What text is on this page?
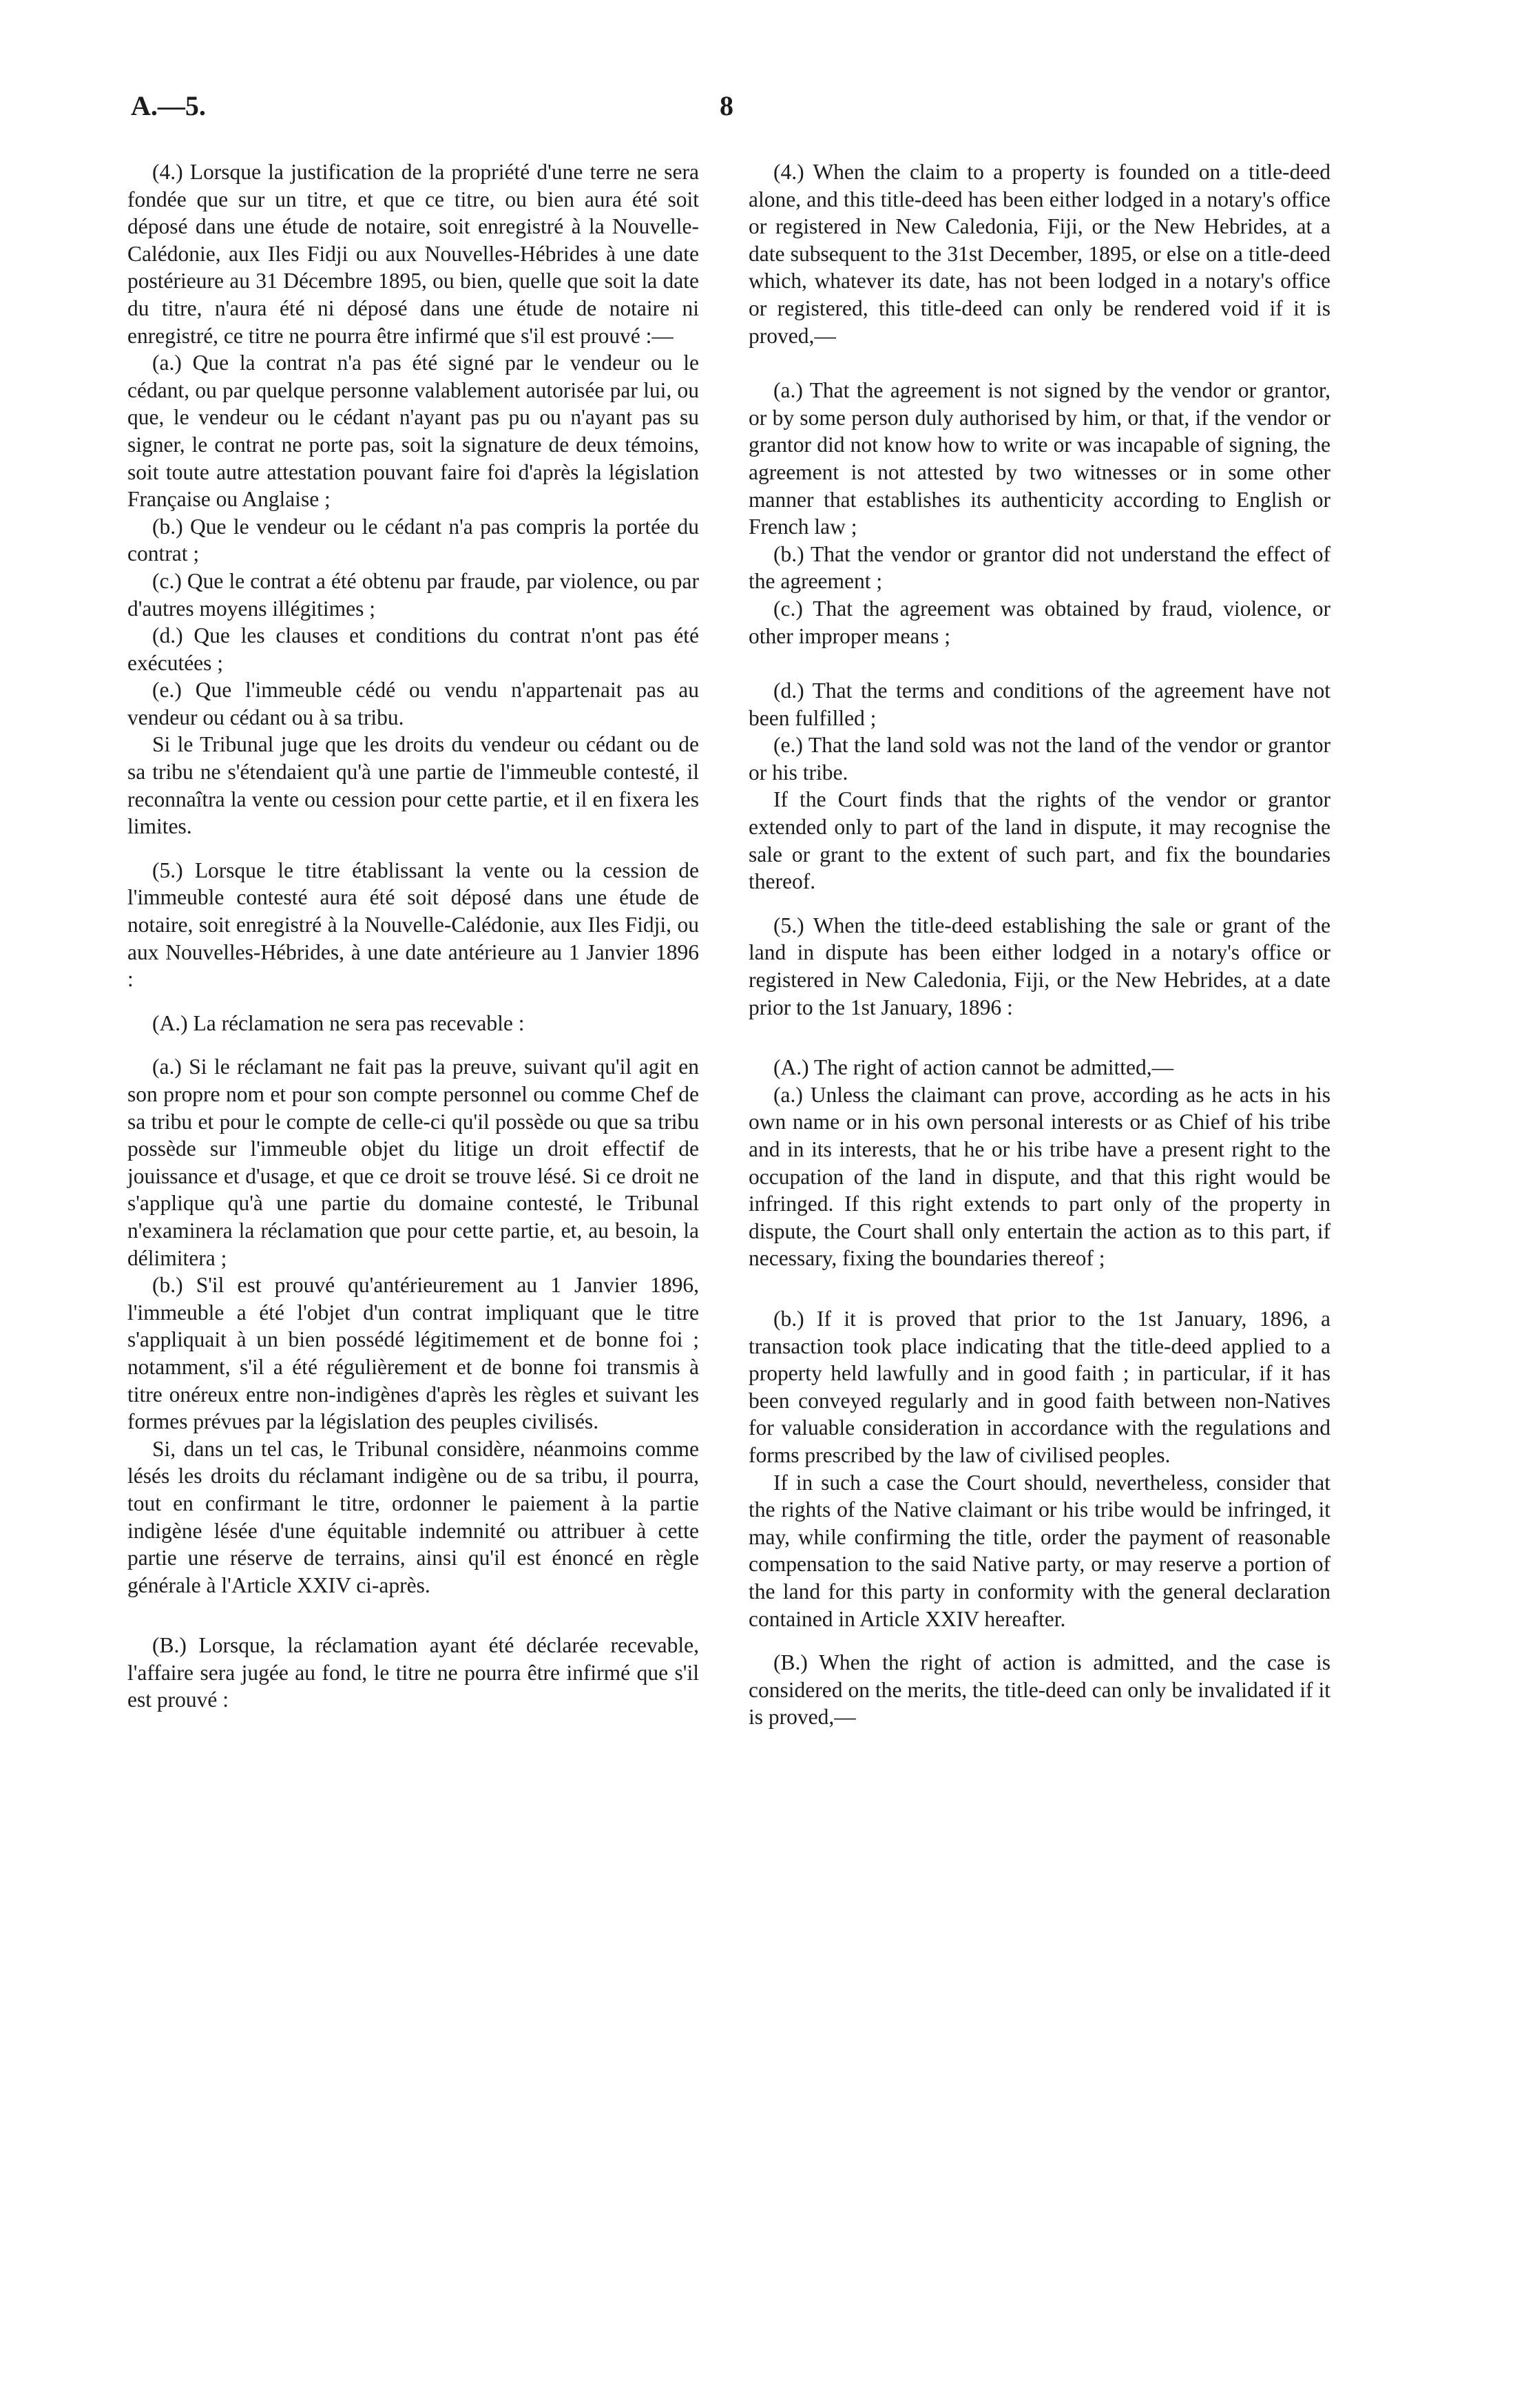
A.—5.	8

(4.) Lorsque la justification de la propriété d'une terre ne sera fondée que sur un titre, et que ce titre, ou bien aura été soit déposé dans une étude de notaire, soit enregistré à la Nouvelle-Calédonie, aux Iles Fidji ou aux Nouvelles-Hébrides à une date postérieure au 31 Décembre 1895, ou bien, quelle que soit la date du titre, n'aura été ni déposé dans une étude de notaire ni enregistré, ce titre ne pourra être infirmé que s'il est prouvé :—

(a.) Que la contrat n'a pas été signé par le vendeur ou le cédant, ou par quelque personne valablement autorisée par lui, ou que, le vendeur ou le cédant n'ayant pas pu ou n'ayant pas su signer, le contrat ne porte pas, soit la signature de deux témoins, soit toute autre attestation pouvant faire foi d'après la législation Française ou Anglaise ;

(b.) Que le vendeur ou le cédant n'a pas compris la portée du contrat ;

(c.) Que le contrat a été obtenu par fraude, par violence, ou par d'autres moyens illégitimes ;

(d.) Que les clauses et conditions du contrat n'ont pas été exécutées ;

(e.) Que l'immeuble cédé ou vendu n'appartenait pas au vendeur ou cédant ou à sa tribu.

Si le Tribunal juge que les droits du vendeur ou cédant ou de sa tribu ne s'étendaient qu'à une partie de l'immeuble contesté, il reconnaîtra la vente ou cession pour cette partie, et il en fixera les limites.

(5.) Lorsque le titre établissant la vente ou la cession de l'immeuble contesté aura été soit déposé dans une étude de notaire, soit enregistré à la Nouvelle-Calédonie, aux Iles Fidji, ou aux Nouvelles-Hébrides, à une date antérieure au 1 Janvier 1896 :

(A.) La réclamation ne sera pas recevable :

(a.) Si le réclamant ne fait pas la preuve, suivant qu'il agit en son propre nom et pour son compte personnel ou comme Chef de sa tribu et pour le compte de celle-ci qu'il possède ou que sa tribu possède sur l'immeuble objet du litige un droit effectif de jouissance et d'usage, et que ce droit se trouve lésé. Si ce droit ne s'applique qu'à une partie du domaine contesté, le Tribunal n'examinera la réclamation que pour cette partie, et, au besoin, la délimitera ;

(b.) S'il est prouvé qu'antérieurement au 1 Janvier 1896, l'immeuble a été l'objet d'un contrat impliquant que le titre s'appliquait à un bien possédé légitimement et de bonne foi ; notamment, s'il a été régulièrement et de bonne foi transmis à titre onéreux entre non-indigènes d'après les règles et suivant les formes prévues par la législation des peuples civilisés.

Si, dans un tel cas, le Tribunal considère, néanmoins comme lésés les droits du réclamant indigène ou de sa tribu, il pourra, tout en confirmant le titre, ordonner le paiement à la partie indigène lésée d'une équitable indemnité ou attribuer à cette partie une réserve de terrains, ainsi qu'il est énoncé en règle générale à l'Article XXIV ci-après.

(B.) Lorsque, la réclamation ayant été déclarée recevable, l'affaire sera jugée au fond, le titre ne pourra être infirmé que s'il est prouvé :

(4.) When the claim to a property is founded on a title-deed alone, and this title-deed has been either lodged in a notary's office or registered in New Caledonia, Fiji, or the New Hebrides, at a date subsequent to the 31st December, 1895, or else on a title-deed which, whatever its date, has not been lodged in a notary's office or registered, this title-deed can only be rendered void if it is proved,—

(a.) That the agreement is not signed by the vendor or grantor, or by some person duly authorised by him, or that, if the vendor or grantor did not know how to write or was incapable of signing, the agreement is not attested by two witnesses or in some other manner that establishes its authenticity according to English or French law ;

(b.) That the vendor or grantor did not understand the effect of the agreement ;

(c.) That the agreement was obtained by fraud, violence, or other improper means ;

(d.) That the terms and conditions of the agreement have not been fulfilled ;

(e.) That the land sold was not the land of the vendor or grantor or his tribe.

If the Court finds that the rights of the vendor or grantor extended only to part of the land in dispute, it may recognise the sale or grant to the extent of such part, and fix the boundaries thereof.

(5.) When the title-deed establishing the sale or grant of the land in dispute has been either lodged in a notary's office or registered in New Caledonia, Fiji, or the New Hebrides, at a date prior to the 1st January, 1896 :

(A.) The right of action cannot be admitted,—

(a.) Unless the claimant can prove, according as he acts in his own name or in his own personal interests or as Chief of his tribe and in its interests, that he or his tribe have a present right to the occupation of the land in dispute, and that this right would be infringed. If this right extends to part only of the property in dispute, the Court shall only entertain the action as to this part, if necessary, fixing the boundaries thereof ;

(b.) If it is proved that prior to the 1st January, 1896, a transaction took place indicating that the title-deed applied to a property held lawfully and in good faith ; in particular, if it has been conveyed regularly and in good faith between non-Natives for valuable consideration in accordance with the regulations and forms prescribed by the law of civilised peoples.

If in such a case the Court should, nevertheless, consider that the rights of the Native claimant or his tribe would be infringed, it may, while confirming the title, order the payment of reasonable compensation to the said Native party, or may reserve a portion of the land for this party in conformity with the general declaration contained in Article XXIV hereafter.

(B.) When the right of action is admitted, and the case is considered on the merits, the title-deed can only be invalidated if it is proved,—
